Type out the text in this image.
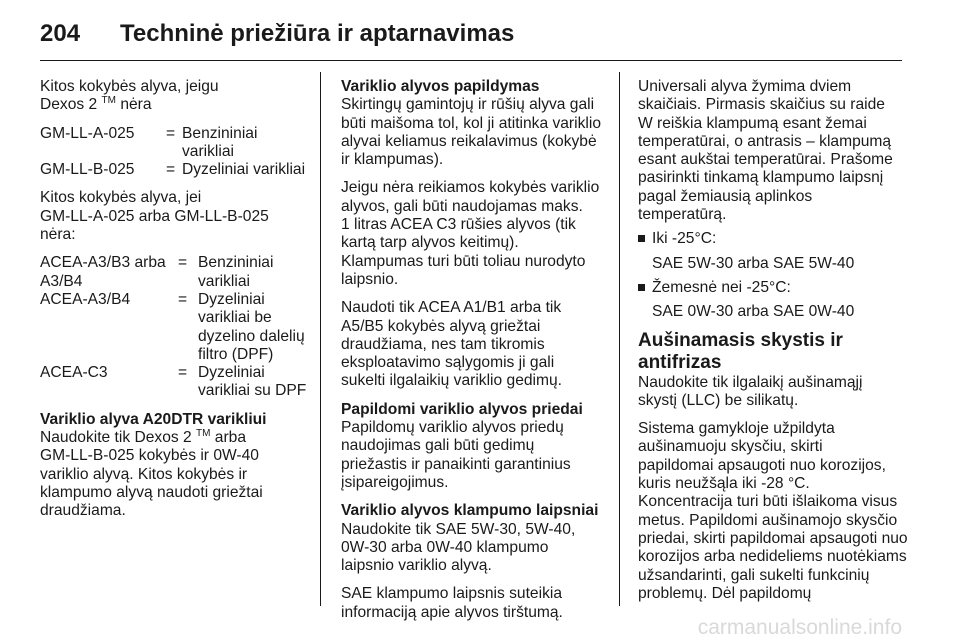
204 Techninė priežiūra ir aptarnavimas

Kitos kokybės alyva, jeigu
Dexos 2 ™ nėra

GM-LL-A-025	=	Benzininiai varikliai
GM-LL-B-025	=	Dyzeliniai varikliai

Kitos kokybės alyva, jei
GM-LL-A-025 arba GM-LL-B-025
nėra:

ACEA-A3/B3 arba A3/B4	=	Benzininiai varikliai
ACEA-A3/B4	=	Dyzeliniai varikliai be dyzelino dalelių filtro (DPF)
ACEA-C3	=	Dyzeliniai varikliai su DPF
Variklio alyva A20DTR varikliui

Naudokite tik Dexos 2 ™ arba
GM-LL-B-025 kokybės ir 0W-40
variklio alyvą. Kitos kokybės ir
klampumo alyvą naudoti griežtai
draudžiama.

Variklio alyvos papildymas

Skirtingų gamintojų ir rūšių alyva gali būti maišoma tol, kol ji atitinka variklio alyvai keliamus reikalavimus (kokybė ir klampumas).

Jeigu nėra reikiamos kokybės variklio alyvos, gali būti naudojamas maks.
1 litras ACEA C3 rūšies alyvos (tik kartą tarp alyvos keitimų).
Klampumas turi būti toliau nurodyto laipsnio.

Naudoti tik ACEA A1/B1 arba tik
A5/B5 kokybės alyvą griežtai
draudžiama, nes tam tikromis
eksploatavimo sąlygomis ji gali
sukelti ilgalaikių variklio gedimų.

Papildomi variklio alyvos priedai

Papildomų variklio alyvos priedų
naudojimas gali būti gedimų
priežastis ir panaikinti garantinius
įsipareigojimus.

Variklio alyvos klampumo laipsniai

Naudokite tik SAE 5W-30, 5W-40,
0W-30 arba 0W-40 klampumo
laipsnio variklio alyvą.

SAE klampumo laipsnis suteikia
informaciją apie alyvos tirštumą.

Universali alyva žymima dviem
skaičiais. Pirmasis skaičius su raide
W reiškia klampumą esant žemai
temperatūrai, o antrasis – klampumą
esant aukštai temperatūrai. Prašome
pasirinkti tinkamą klampumo laipsnį
pagal žemiausią aplinkos
temperatūrą.

Iki -25°C:
SAE 5W-30 arba SAE 5W-40
Žemesnė nei -25°C:
SAE 0W-30 arba SAE 0W-40
Aušinamasis skystis ir antifrizas

Naudokite tik ilgalaikį aušinamąjį
skystį (LLC) be silikatų.

Sistema gamykloje užpildyta
aušinamuoju skysčiu, skirti
papildomai apsaugoti nuo korozijos,
kuris neužšąla iki -28 °C.
Koncentracija turi būti išlaikoma visus metus. Papildomi aušinamojo skysčio priedai, skirti papildomai apsaugoti nuo korozijos arba nedideliems nuotėkiams užsandarinti, gali sukelti funkcinių problemų. Dėl papildomų

carmanualsonline.info
